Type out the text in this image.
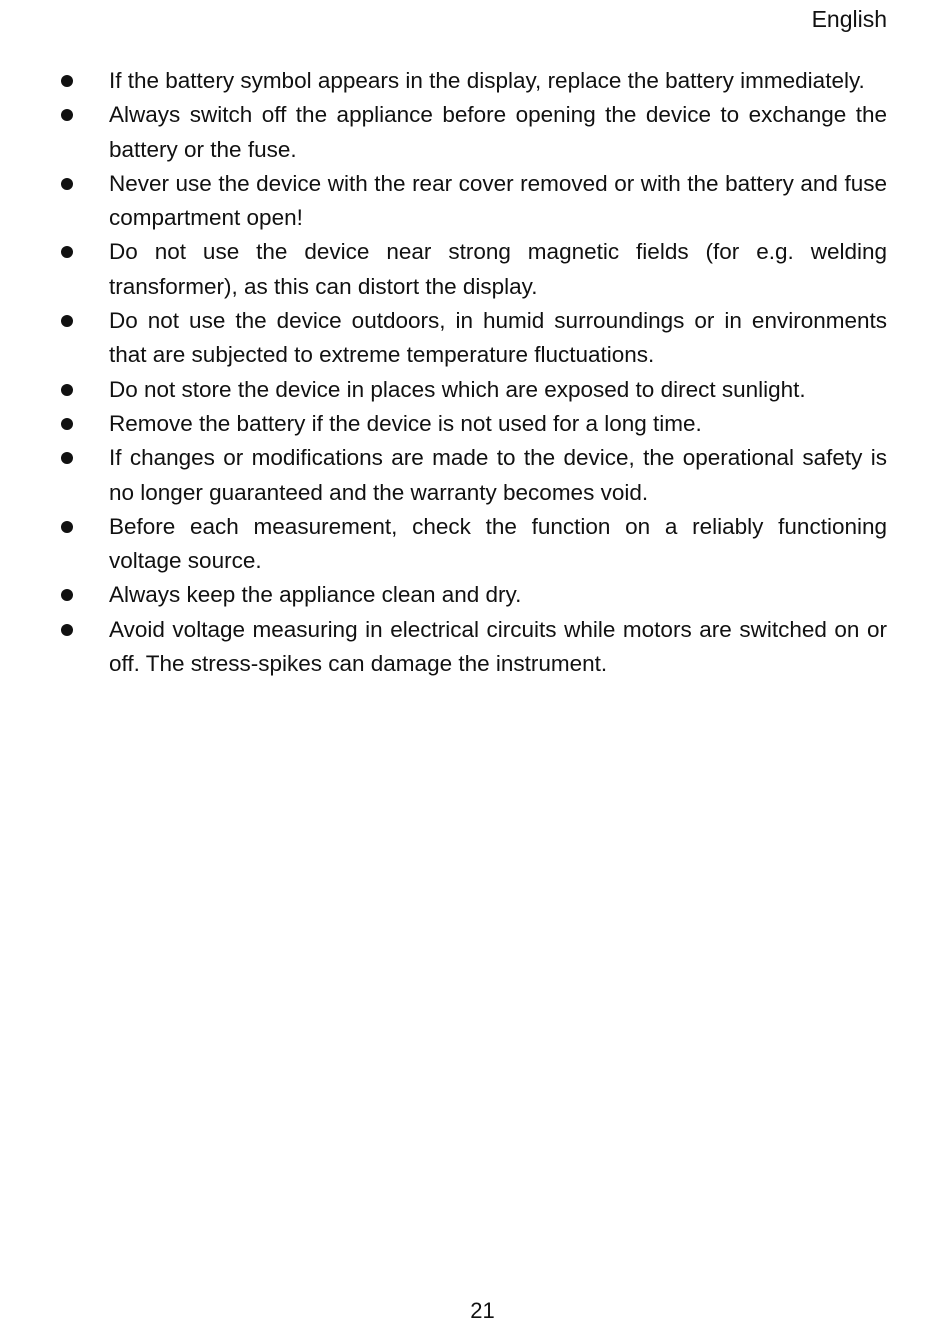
English
If the battery symbol appears in the display, replace the battery immediately.
Always switch off the appliance before opening the device to exchange the battery or the fuse.
Never use the device with the rear cover removed or with the battery and fuse compartment open!
Do not use the device near strong magnetic fields (for e.g. welding transformer), as this can distort the display.
Do not use the device outdoors, in humid surroundings or in environments that are subjected to extreme temperature fluctuations.
Do not store the device in places which are exposed to direct sunlight.
Remove the battery if the device is not used for a long time.
If changes or modifications are made to the device, the operational safety is no longer guaranteed and the warranty becomes void.
Before each measurement, check the function on a reliably functioning voltage source.
Always keep the appliance clean and dry.
Avoid voltage measuring in electrical circuits while motors are switched on or off. The stress-spikes can damage the instrument.
21
